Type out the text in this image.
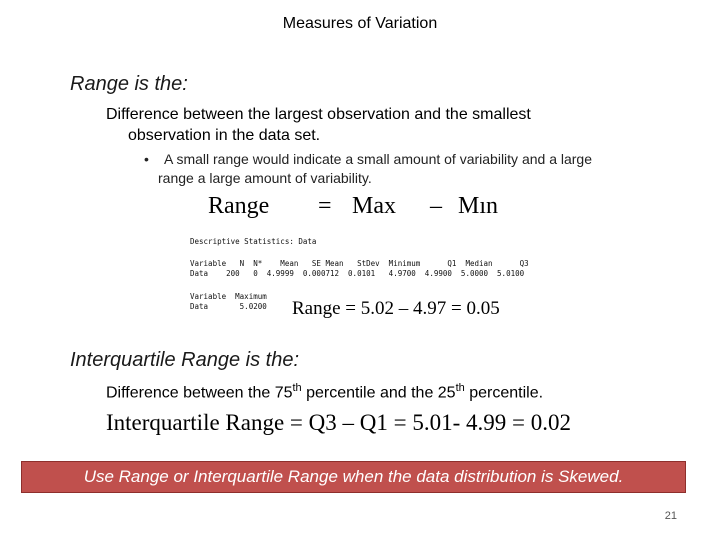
Measures of Variation
Range is the:
Difference between the largest observation and the smallest
observation in the data set.
• A small range would indicate a small amount of variability and a large
range a large amount of variability.
Range = Max – Mın
Descriptive Statistics: Data
Variable   N  N*    Mean   SE Mean   StDev  Minimum      Q1  Median      Q3
Data    200   0  4.9999  0.000712  0.0101   4.9700  4.9900  5.0000  5.0100
Variable  Maximum
Data       5.0200 Range = 5.02 – 4.97 = 0.05
Interquartile Range is the:
Difference between the 75th percentile and the 25th percentile.
Interquartile Range = Q3 – Q1 = 5.01- 4.99 = 0.02
Use Range or Interquartile Range when the data distribution is Skewed.
21
